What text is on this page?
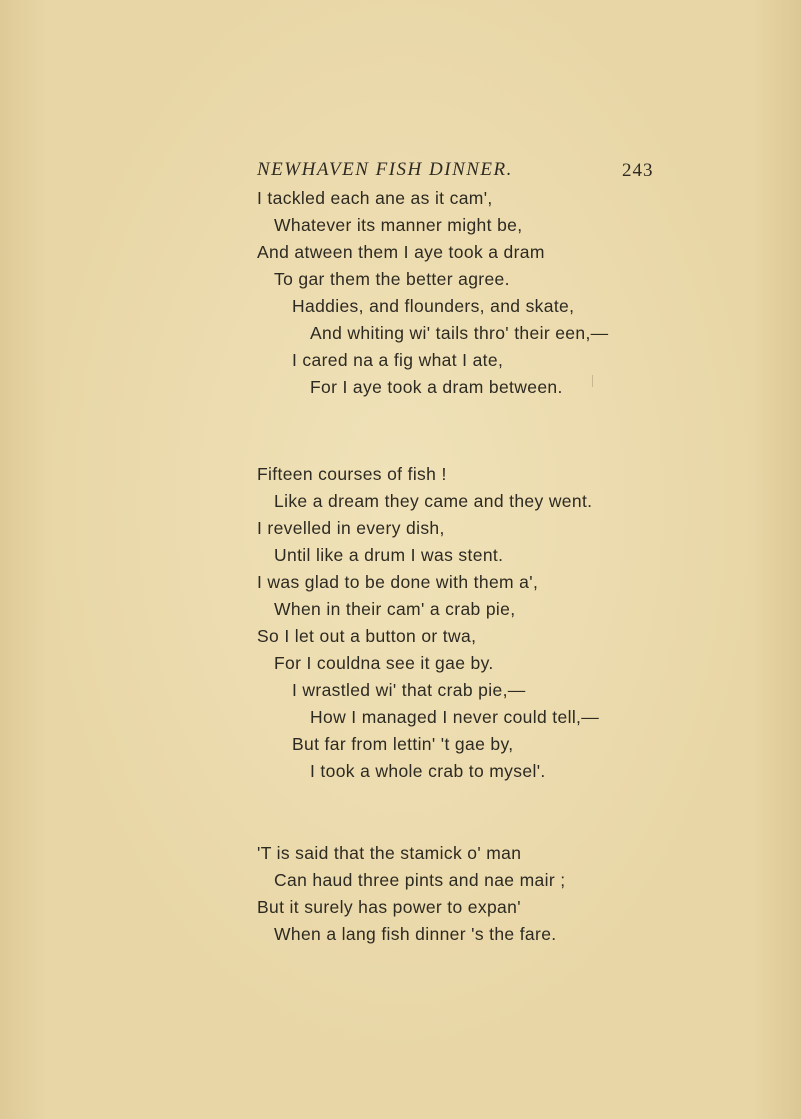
NEWHAVEN FISH DINNER.	243
I tackled each ane as it cam',
Whatever its manner might be,
And atween them I aye took a dram
To gar them the better agree.
Haddies, and flounders, and skate,
And whiting wi' tails thro' their een,—
I cared na a fig what I ate,
For I aye took a dram between.
Fifteen courses of fish !
Like a dream they came and they went.
I revelled in every dish,
Until like a drum I was stent.
I was glad to be done with them a',
When in their cam' a crab pie,
So I let out a button or twa,
For I couldna see it gae by.
I wrastled wi' that crab pie,—
How I managed I never could tell,—
But far from lettin' 't gae by,
I took a whole crab to mysel'.
'T is said that the stamick o' man
Can haud three pints and nae mair ;
But it surely has power to expan'
When a lang fish dinner 's the fare.
